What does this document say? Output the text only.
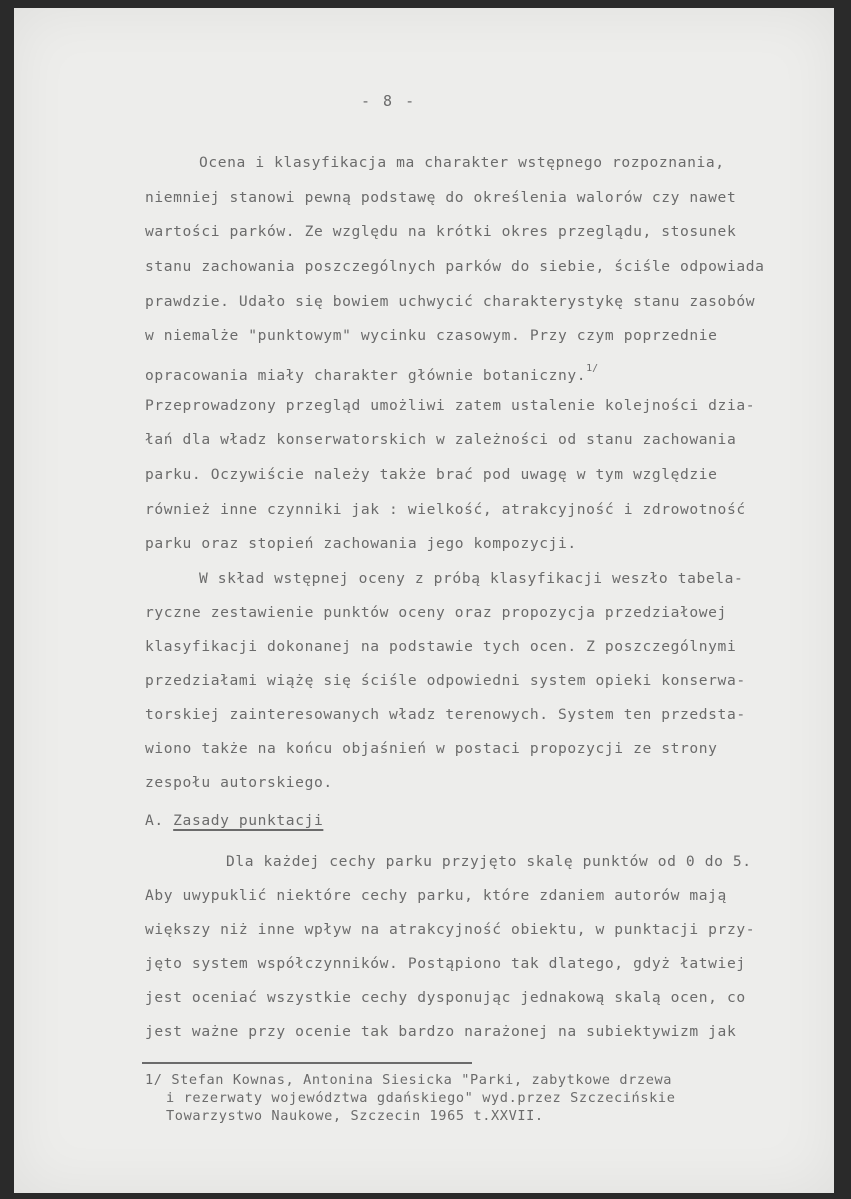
- 8 -
Ocena i klasyfikacja ma charakter wstępnego rozpoznania,
niemniej stanowi pewną podstawę do określenia walorów czy nawet
wartości parków. Ze względu na krótki okres przeglądu, stosunek
stanu zachowania poszczególnych parków do siebie, ściśle odpowiada
prawdzie. Udało się bowiem uchwycić charakterystykę stanu zasobów
w niemalże "punktowym" wycinku czasowym. Przy czym poprzednie
opracowania miały charakter głównie botaniczny.$^{1/}$
Przeprowadzony przegląd umożliwi zatem ustalenie kolejności dzia-
łań dla władz konserwatorskich w zależności od stanu zachowania
parku. Oczywiście należy także brać pod uwagę w tym względzie
również inne czynniki jak : wielkość, atrakcyjność i zdrowotność
parku oraz stopień zachowania jego kompozycji.
W skład wstępnej oceny z próbą klasyfikacji weszło tabela-
ryczne zestawienie punktów oceny oraz propozycja przedziałowej
klasyfikacji dokonanej na podstawie tych ocen. Z poszczególnymi
przedziałami wiążę się ściśle odpowiedni system opieki konserwa-
torskiej zainteresowanych władz terenowych. System ten przedsta-
wiono także na końcu objaśnień w postaci propozycji ze strony
zespołu autorskiego.
A. Zasady punktacji
Dla każdej cechy parku przyjęto skalę punktów od 0 do 5.
Aby uwypuklić niektóre cechy parku, które zdaniem autorów mają
większy niż inne wpływ na atrakcyjność obiektu, w punktacji przy-
jęto system współczynników. Postąpiono tak dlatego, gdyż łatwiej
jest oceniać wszystkie cechy dysponując jednakową skalą ocen, co
jest ważne przy ocenie tak bardzo narażonej na subiektywizm jak
1/ Stefan Kownas, Antonina Siesicka "Parki, zabytkowe drzewa
i rezerwaty województwa gdańskiego" wyd.przez Szczecińskie
Towarzystwo Naukowe, Szczecin 1965 t.XXVII.
